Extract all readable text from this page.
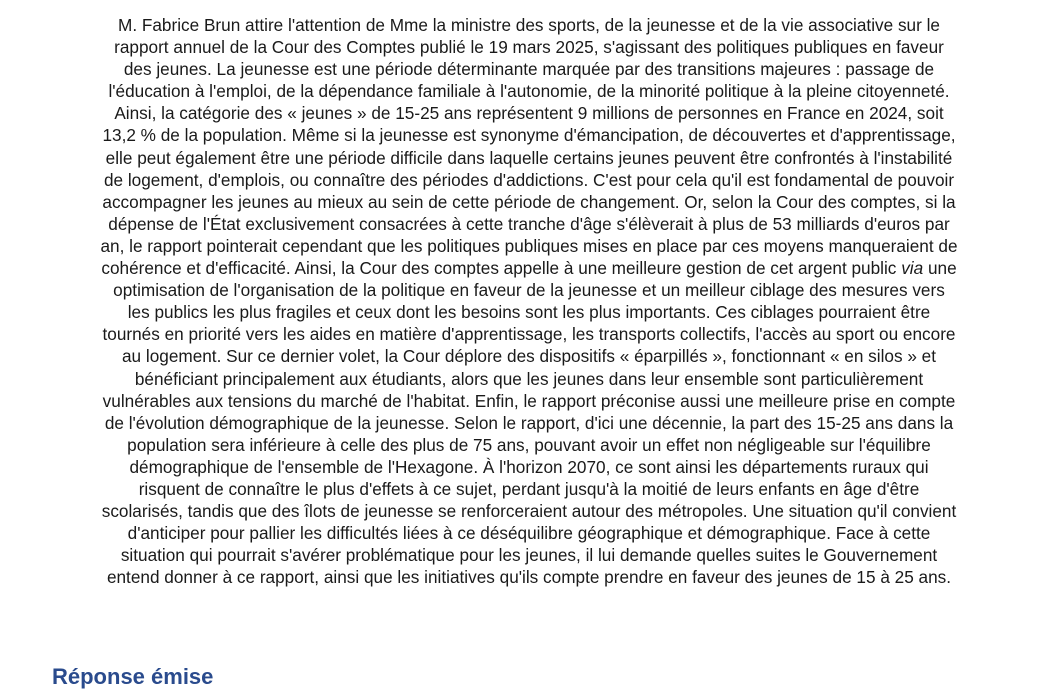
M. Fabrice Brun attire l'attention de Mme la ministre des sports, de la jeunesse et de la vie associative sur le
rapport annuel de la Cour des Comptes publié le 19 mars 2025, s'agissant des politiques publiques en faveur
des jeunes. La jeunesse est une période déterminante marquée par des transitions majeures : passage de
l'éducation à l'emploi, de la dépendance familiale à l'autonomie, de la minorité politique à la pleine citoyenneté.
Ainsi, la catégorie des « jeunes » de 15-25 ans représentent 9 millions de personnes en France en 2024, soit
13,2 % de la population. Même si la jeunesse est synonyme d'émancipation, de découvertes et d'apprentissage,
elle peut également être une période difficile dans laquelle certains jeunes peuvent être confrontés à l'instabilité
de logement, d'emplois, ou connaître des périodes d'addictions. C'est pour cela qu'il est fondamental de pouvoir
accompagner les jeunes au mieux au sein de cette période de changement. Or, selon la Cour des comptes, si la
dépense de l'État exclusivement consacrées à cette tranche d'âge s'élèverait à plus de 53 milliards d'euros par
an, le rapport pointerait cependant que les politiques publiques mises en place par ces moyens manqueraient de
cohérence et d'efficacité. Ainsi, la Cour des comptes appelle à une meilleure gestion de cet argent public via une
optimisation de l'organisation de la politique en faveur de la jeunesse et un meilleur ciblage des mesures vers
les publics les plus fragiles et ceux dont les besoins sont les plus importants. Ces ciblages pourraient être
tournés en priorité vers les aides en matière d'apprentissage, les transports collectifs, l'accès au sport ou encore
au logement. Sur ce dernier volet, la Cour déplore des dispositifs « éparpillés », fonctionnant « en silos » et
bénéficiant principalement aux étudiants, alors que les jeunes dans leur ensemble sont particulièrement
vulnérables aux tensions du marché de l'habitat. Enfin, le rapport préconise aussi une meilleure prise en compte
de l'évolution démographique de la jeunesse. Selon le rapport, d'ici une décennie, la part des 15-25 ans dans la
population sera inférieure à celle des plus de 75 ans, pouvant avoir un effet non négligeable sur l'équilibre
démographique de l'ensemble de l'Hexagone. À l'horizon 2070, ce sont ainsi les départements ruraux qui
risquent de connaître le plus d'effets à ce sujet, perdant jusqu'à la moitié de leurs enfants en âge d'être
scolarisés, tandis que des îlots de jeunesse se renforceraient autour des métropoles. Une situation qu'il convient
d'anticiper pour pallier les difficultés liées à ce déséquilibre géographique et démographique. Face à cette
situation qui pourrait s'avérer problématique pour les jeunes, il lui demande quelles suites le Gouvernement
entend donner à ce rapport, ainsi que les initiatives qu'ils compte prendre en faveur des jeunes de 15 à 25 ans.
Réponse émise
